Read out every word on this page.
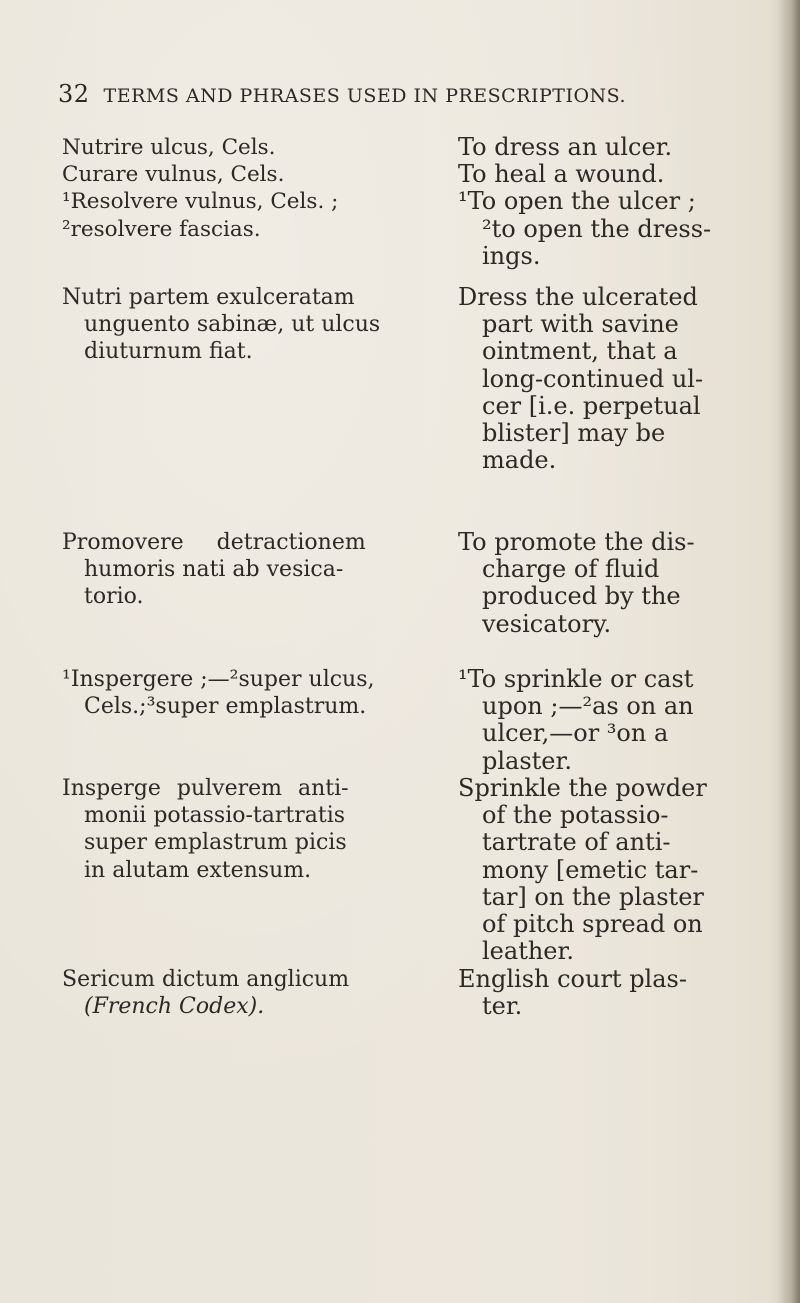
32 TERMS AND PHRASES USED IN PRESCRIPTIONS.
Nutrire ulcus, Cels.
Curare vulnus, Cels.
¹Resolvere vulnus, Cels. ;
²resolvere fascias.
To dress an ulcer.
To heal a wound.
¹To open the ulcer ;
²to open the dress-
ings.
Nutri partem exulceratam
unguento sabinæ, ut ulcus
diuturnum fiat.
Dress the ulcerated
part with savine
ointment, that a
long-continued ul-
cer [i.e. perpetual
blister] may be
made.
Promovere detractionem
humoris nati ab vesica-
torio.
To promote the dis-
charge of fluid
produced by the
vesicatory.
¹Inspergere ;—²super ulcus,
Cels.;³super emplastrum.
¹To sprinkle or cast
upon ;—²as on an
ulcer,—or ³on a
plaster.
Insperge pulverem anti-
monii potassio-tartratis
super emplastrum picis
in alutam extensum.
Sprinkle the powder
of the potassio-
tartrate of anti-
mony [emetic tar-
tar] on the plaster
of pitch spread on
leather.
Sericum dictum anglicum
(French Codex).
English court plas-
ter.
